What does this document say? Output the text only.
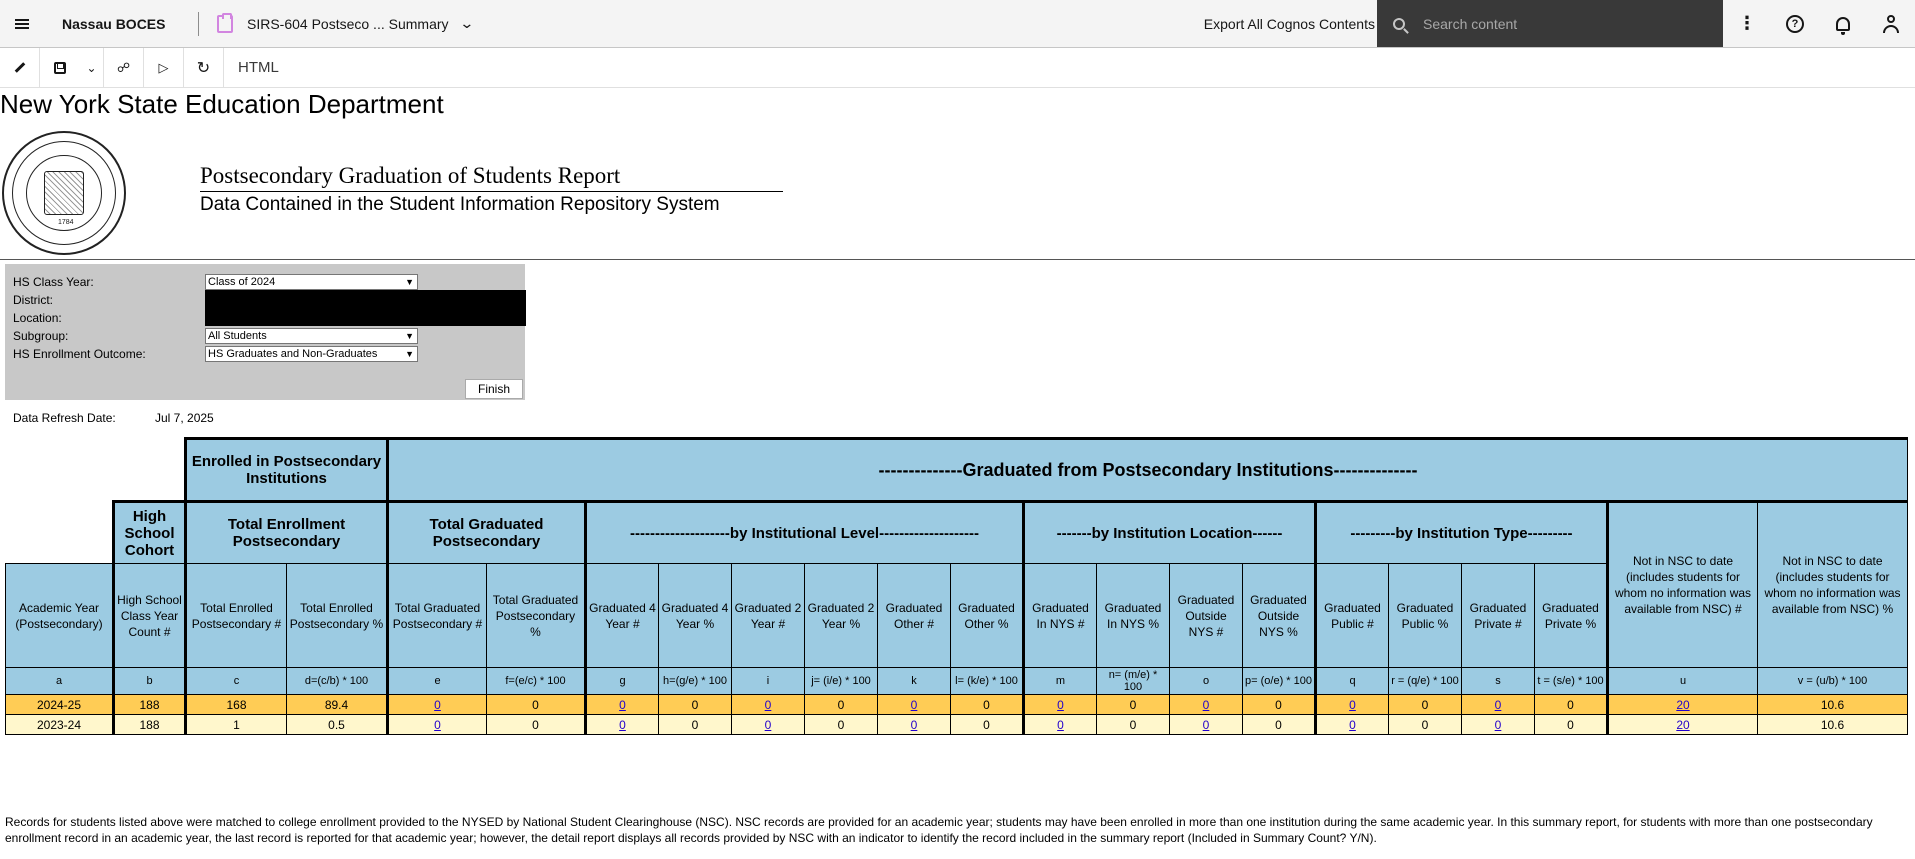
Nassau BOCES	SIRS-604 Postseco ... Summary ⌄	Export All Cognos Contents	Search content	⋮	?
⌄	☍ ▷ ↻	HTML
New York State Education Department
1784
Postsecondary Graduation of Students Report
Data Contained in the Student Information Repository System
HS Class Year:	Class of 2024	▼
District:
Location:
Subgroup:	All Students	▼
HS Enrollment Outcome:	HS Graduates and Non-Graduates	▼
Finish
Data Refresh Date:	Jul 7, 2025
		Enrolled in Postsecondary Institutions		--------------Graduated from Postsecondary Institutions--------------																	
	High School Cohort	Total Enrollment Postsecondary		Total Graduated Postsecondary		--------------------by Institutional Level--------------------						-------by Institution Location------				---------by Institution Type---------				Not in NSC to date (includes students for whom no information was available from NSC) #	Not in NSC to date (includes students for whom no information was available from NSC) %
Academic Year (Postsecondary)	High School Class Year Count #	Total Enrolled Postsecondary #	Total Enrolled Postsecondary %	Total Graduated Postsecondary #	Total Graduated Postsecondary %	Graduated 4 Year #	Graduated 4 Year %	Graduated 2 Year #	Graduated 2 Year %	Graduated Other #	Graduated Other %	Graduated In NYS #	Graduated In NYS %	Graduated Outside NYS #	Graduated Outside NYS %	Graduated Public #	Graduated Public %	Graduated Private #	Graduated Private %		
a	b	c	d=(c/b) * 100	e	f=(e/c) * 100	g	h=(g/e) * 100	i	j= (i/e) * 100	k	l= (k/e) * 100	m	n= (m/e) * 100	o	p= (o/e) * 100	q	r = (q/e) * 100	s	t = (s/e) * 100	u	v = (u/b) * 100
2024-25	188	168	89.4	0	0	0	0	0	0	0	0	0	0	0	0	0	0	0	0	20	10.6
2023-24	188	1	0.5	0	0	0	0	0	0	0	0	0	0	0	0	0	0	0	0	20	10.6
Records for students listed above were matched to college enrollment provided to the NYSED by National Student Clearinghouse (NSC). NSC records are provided for an academic year; students may have been enrolled in more than one institution during the same academic year. In this summary report, for students with more than one postsecondary enrollment record in an academic year, the last record is reported for that academic year; however, the detail report displays all records provided by NSC with an indicator to identify the record included in the summary report (Included in Summary Count? Y/N).
